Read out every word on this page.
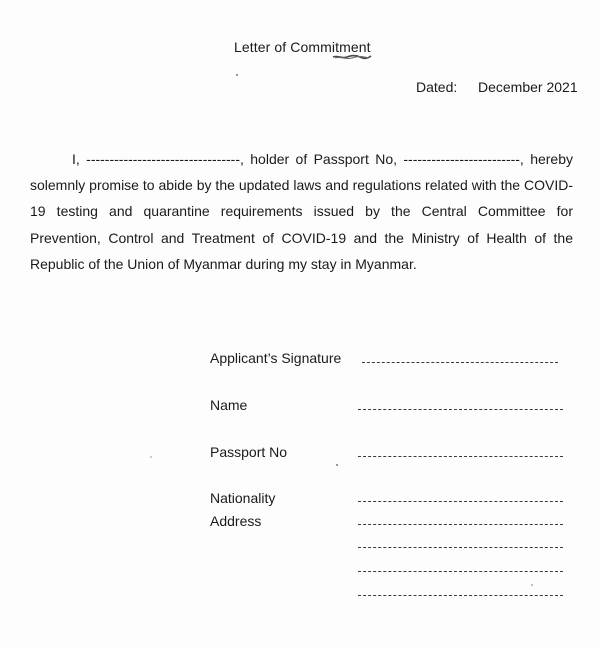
Letter of Commitment
Dated: December 2021

I, ---------------------------------, holder of Passport No, -------------------------, hereby solemnly promise to abide by the updated laws and regulations related with the COVID-19 testing and quarantine requirements issued by the Central Committee for Prevention, Control and Treatment of COVID-19 and the Ministry of Health of the Republic of the Union of Myanmar during my stay in Myanmar.

Applicant’s Signature
Name
Passport No
Nationality
Address
